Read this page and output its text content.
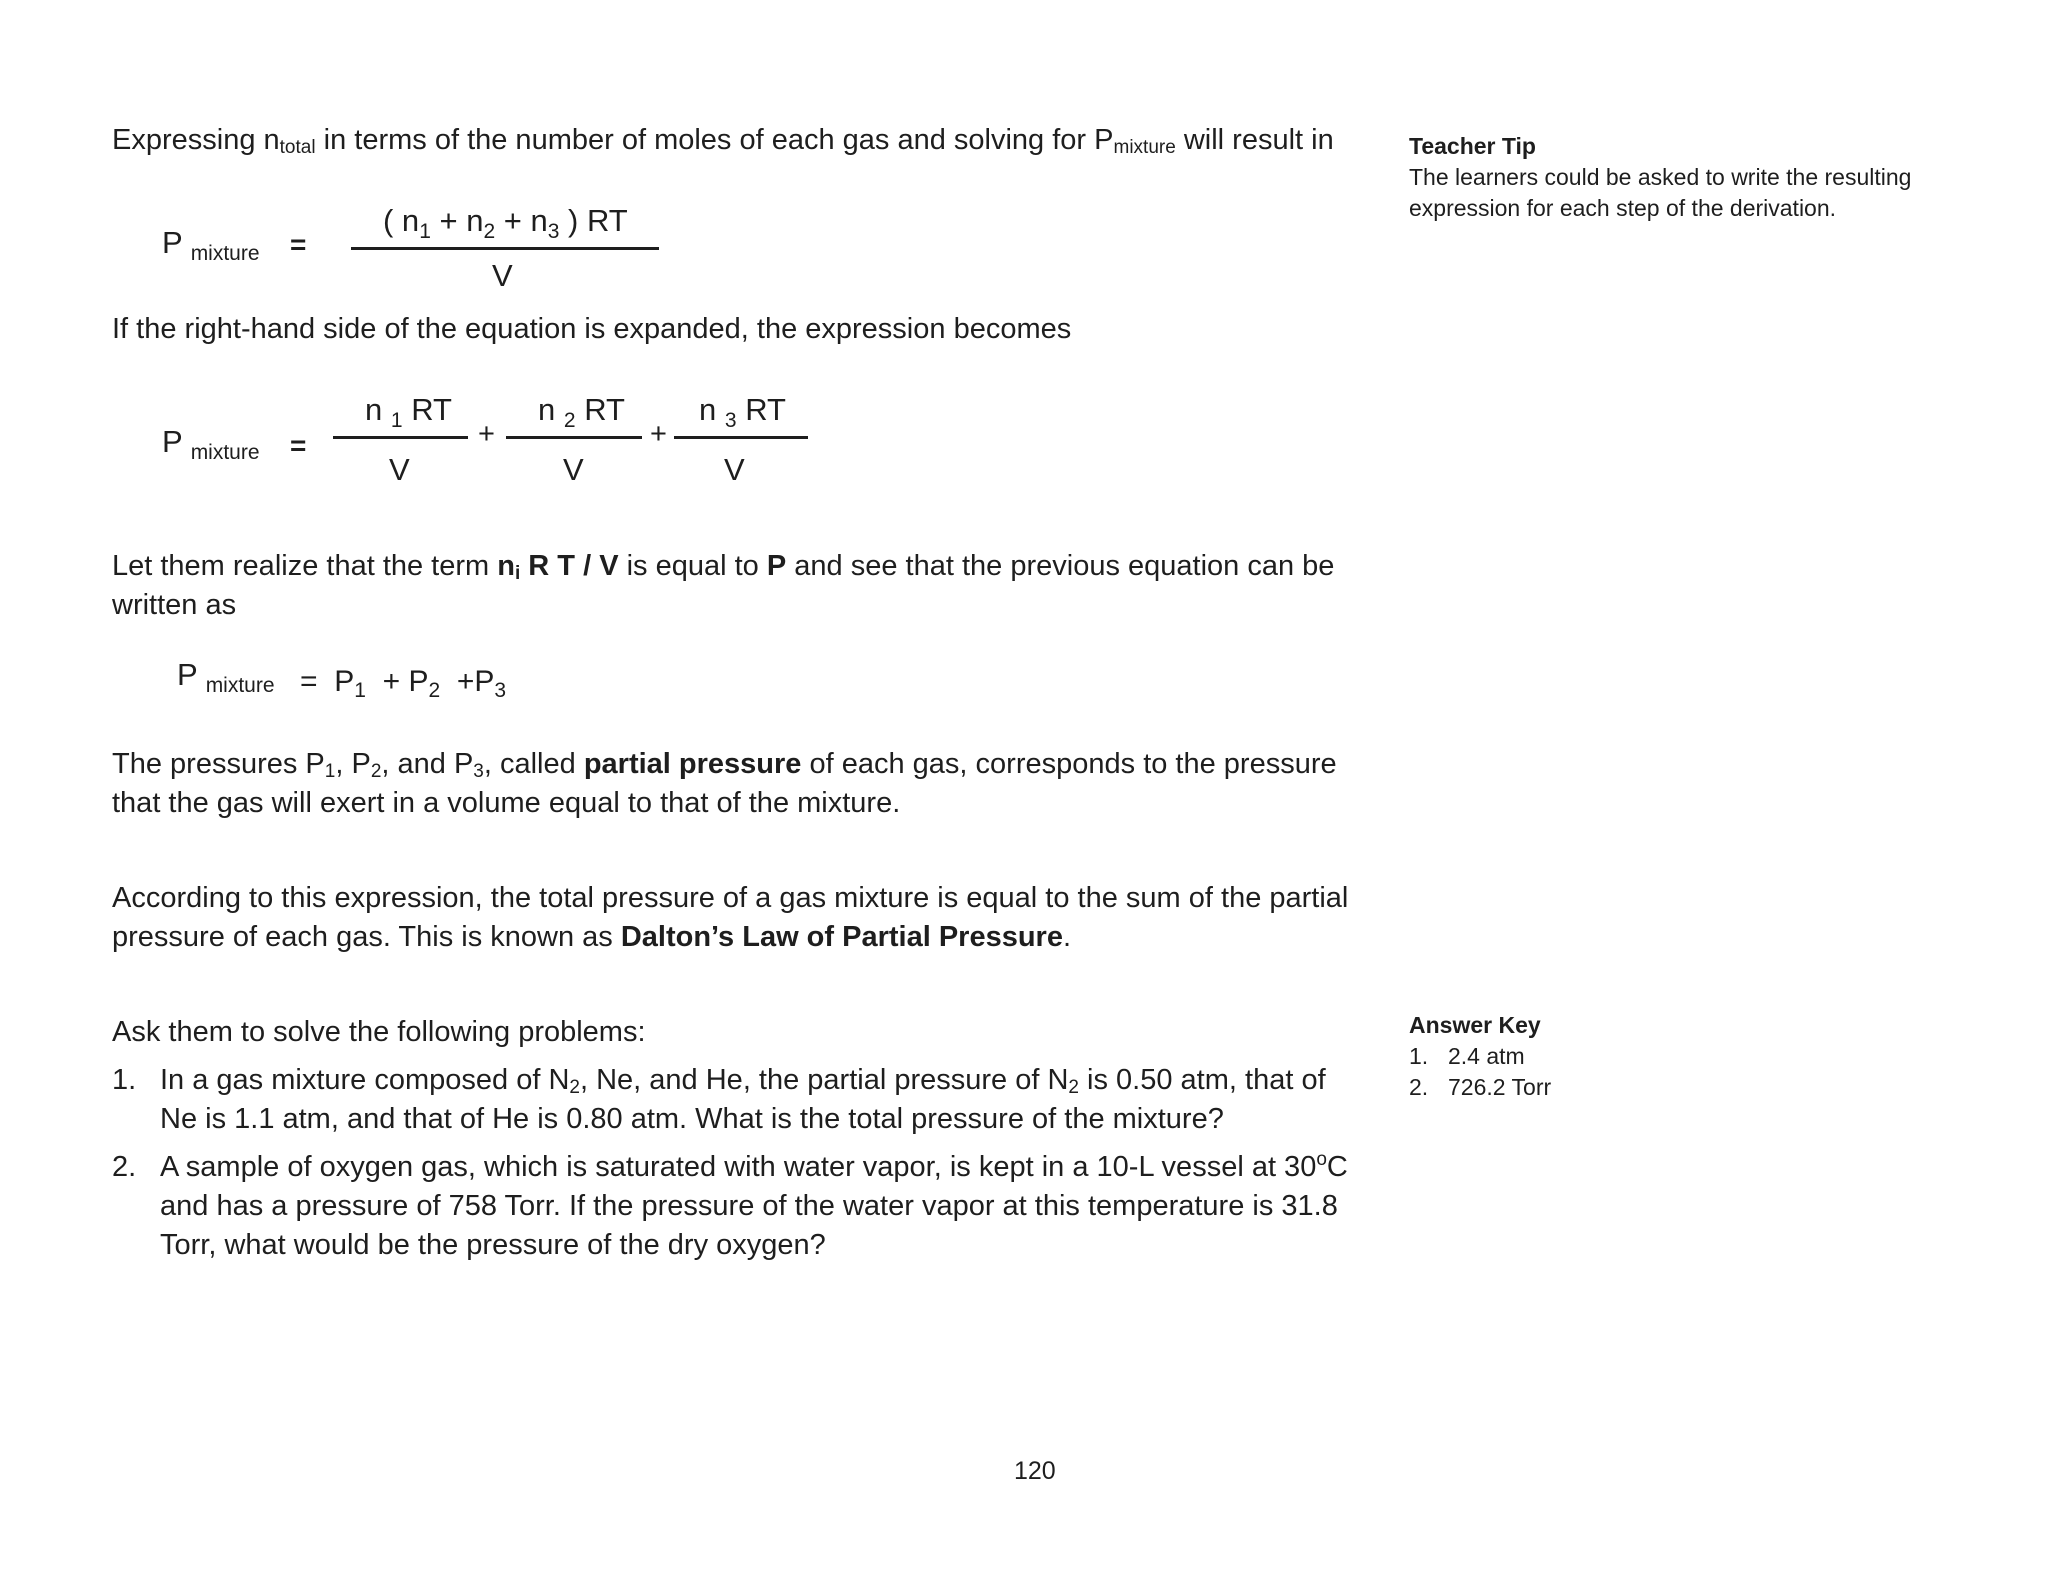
Expressing $n_{total}$ in terms of the number of moles of each gas and solving for $P_{mixture}$ will result in

P $_{mixture}$ =
( $n_1 + n_2 + n_3$ ) RT
V

If the right-hand side of the equation is expanded, the expression becomes

P $_{mixture}$ =
n $_1$ RT
V
+
n $_2$ RT
V
+
n $_3$ RT
V

Let them realize that the term $n_i$ R T / V is equal to P and see that the previous equation can be written as

P $_{mixture} = P_1 + P_2 +P_3$

The pressures $P_1$, $P_2$, and $P_3$, called partial pressure of each gas, corresponds to the pressure that the gas will exert in a volume equal to that of the mixture.

According to this expression, the total pressure of a gas mixture is equal to the sum of the partial pressure of each gas. This is known as Dalton’s Law of Partial Pressure.

Ask them to solve the following problems:

1. In a gas mixture composed of $N_2$, Ne, and He, the partial pressure of $N_2$ is 0.50 atm, that of Ne is 1.1 atm, and that of He is 0.80 atm. What is the total pressure of the mixture?
2. A sample of oxygen gas, which is saturated with water vapor, is kept in a 10-L vessel at 30$^o$C and has a pressure of 758 Torr. If the pressure of the water vapor at this temperature is 31.8 Torr, what would be the pressure of the dry oxygen?
Teacher Tip
The learners could be asked to write the resulting expression for each step of the derivation.
Answer Key
1. 2.4 atm
2. 726.2 Torr
120
